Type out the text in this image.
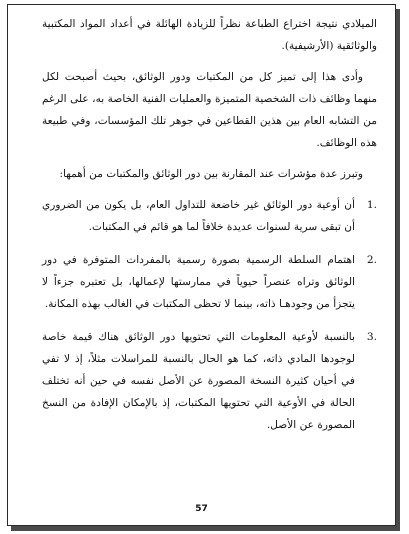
الميلادي نتيجة اختراع الطباعة نظراً للزيادة الهائلة في أعداد المواد المكتبية والوثائقية (الأرشيفية).

وأدى هذا إلى تميز كل من المكتبات ودور الوثائق، بحيث أصبحت لكل منهما وظائف ذات الشخصية المتميزة والعمليات الفنية الخاصة به، على الرغم من التشابه العام بين هذين القطاعين في جوهر تلك المؤسسات، وفي طبيعة هذه الوظائف.

وتبرز عدة مؤشرات عند المقارنة بين دور الوثائق والمكتبات من أهمها:

.1
أن أوعية دور الوثائق غير خاضعة للتداول العام، بل يكون من الضروري أن تبقى سرية لسنوات عديدة خلافاً لما هو قائم في المكتبات.
.2
اهتمام السلطة الرسمية بصورة رسمية بالمفردات المتوفرة في دور الوثائق وتراه عنصراً حيوياً في ممارستها لإعمالها، بل تعتبره جزءاً لا يتجزأ من وجودهـا ذاته، بينما لا تحظى المكتبات في الغالب بهذه المكانة.
.3
بالنسبة لأوعية المعلومات التي تحتويها دور الوثائق هناك قيمة خاصة لوجودها المادي ذاته، كما هو الحال بالنسبة للمراسلات مثلاً، إذ لا تفي في أحيان كثيرة النسخة المصورة عن الأصل نفسه في حين أنه تختلف الحالة في الأوعية التي تحتويها المكتبات، إذ بالإمكان الإفادة من النسخ المصورة عن الأصل.
57
